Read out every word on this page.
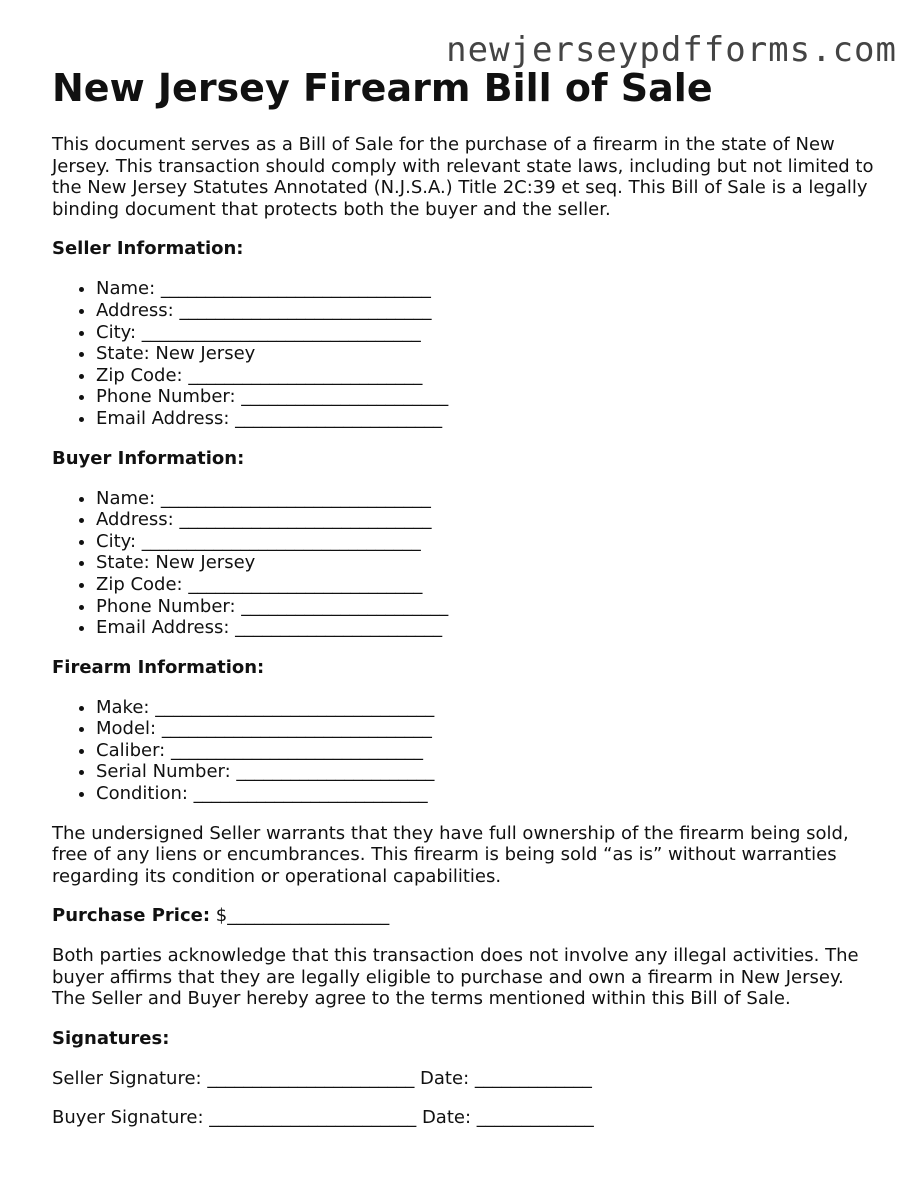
newjerseypdfforms.com
New Jersey Firearm Bill of Sale

This document serves as a Bill of Sale for the purchase of a firearm in the state of New Jersey. This transaction should comply with relevant state laws, including but not limited to the New Jersey Statutes Annotated (N.J.S.A.) Title 2C:39 et seq. This Bill of Sale is a legally binding document that protects both the buyer and the seller.

Seller Information:
• Name: ______________________________
• Address: ____________________________
• City: _______________________________
• State: New Jersey
• Zip Code: __________________________
• Phone Number: _______________________
• Email Address: _______________________
Buyer Information:
• Name: ______________________________
• Address: ____________________________
• City: _______________________________
• State: New Jersey
• Zip Code: __________________________
• Phone Number: _______________________
• Email Address: _______________________
Firearm Information:
• Make: _______________________________
• Model: ______________________________
• Caliber: ____________________________
• Serial Number: ______________________
• Condition: __________________________

The undersigned Seller warrants that they have full ownership of the firearm being sold, free of any liens or encumbrances. This firearm is being sold “as is” without warranties regarding its condition or operational capabilities.

Purchase Price: $__________________

Both parties acknowledge that this transaction does not involve any illegal activities. The buyer affirms that they are legally eligible to purchase and own a firearm in New Jersey. The Seller and Buyer hereby agree to the terms mentioned within this Bill of Sale.

Signatures:

Seller Signature: _______________________ Date: _____________

Buyer Signature: _______________________ Date: _____________
